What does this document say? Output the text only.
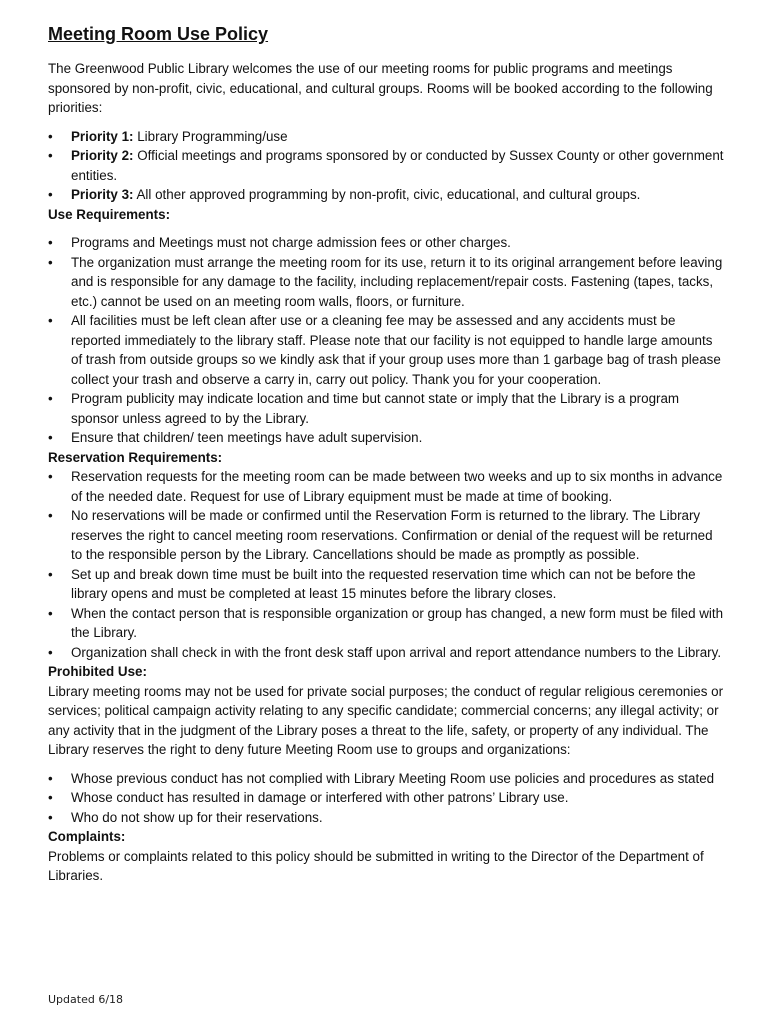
Meeting Room Use Policy

The Greenwood Public Library welcomes the use of our meeting rooms for public programs and meetings sponsored by non-profit, civic, educational, and cultural groups. Rooms will be booked according to the following priorities:

• Priority 1: Library Programming/use
• Priority 2: Official meetings and programs sponsored by or conducted by Sussex County or other government entities.
• Priority 3: All other approved programming by non-profit, civic, educational, and cultural groups.
Use Requirements:
• Programs and Meetings must not charge admission fees or other charges.
• The organization must arrange the meeting room for its use, return it to its original arrangement before leaving and is responsible for any damage to the facility, including replacement/repair costs. Fastening (tapes, tacks, etc.) cannot be used on an meeting room walls, floors, or furniture.
• All facilities must be left clean after use or a cleaning fee may be assessed and any accidents must be reported immediately to the library staff. Please note that our facility is not equipped to handle large amounts of trash from outside groups so we kindly ask that if your group uses more than 1 garbage bag of trash please collect your trash and observe a carry in, carry out policy. Thank you for your cooperation.
• Program publicity may indicate location and time but cannot state or imply that the Library is a program sponsor unless agreed to by the Library.
• Ensure that children/ teen meetings have adult supervision.
Reservation Requirements:
• Reservation requests for the meeting room can be made between two weeks and up to six months in advance of the needed date. Request for use of Library equipment must be made at time of booking.
• No reservations will be made or confirmed until the Reservation Form is returned to the library. The Library reserves the right to cancel meeting room reservations. Confirmation or denial of the request will be returned to the responsible person by the Library. Cancellations should be made as promptly as possible.
• Set up and break down time must be built into the requested reservation time which can not be before the library opens and must be completed at least 15 minutes before the library closes.
• When the contact person that is responsible organization or group has changed, a new form must be filed with the Library.
• Organization shall check in with the front desk staff upon arrival and report attendance numbers to the Library.
Prohibited Use:

Library meeting rooms may not be used for private social purposes; the conduct of regular religious ceremonies or services; political campaign activity relating to any specific candidate; commercial concerns; any illegal activity; or any activity that in the judgment of the Library poses a threat to the life, safety, or property of any individual. The Library reserves the right to deny future Meeting Room use to groups and organizations:

• Whose previous conduct has not complied with Library Meeting Room use policies and procedures as stated
• Whose conduct has resulted in damage or interfered with other patrons’ Library use.
• Who do not show up for their reservations.
Complaints:

Problems or complaints related to this policy should be submitted in writing to the Director of the Department of Libraries.

Updated 6/18
